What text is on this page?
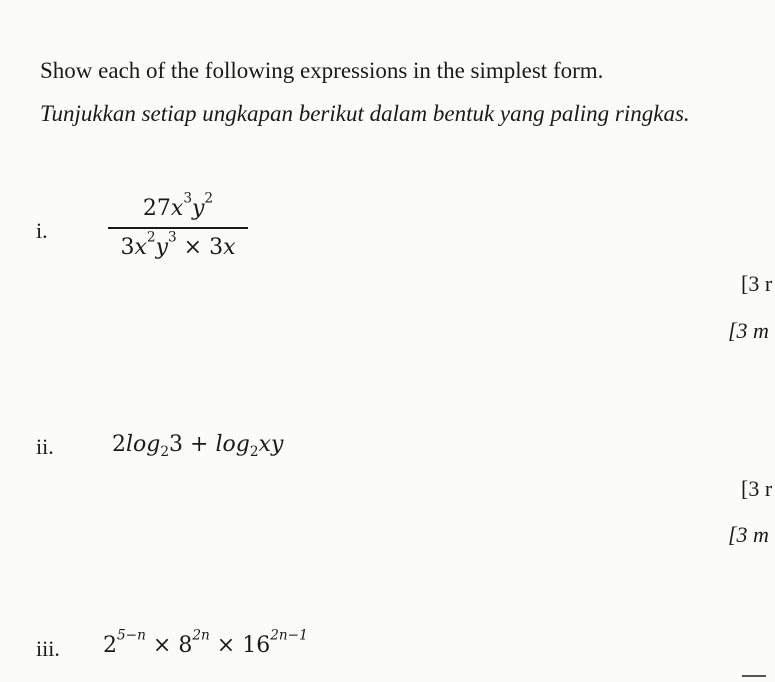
Show each of the following expressions in the simplest form.
Tunjukkan setiap ungkapan berikut dalam bentuk yang paling ringkas.
i.
$27x^3y^2$
$3x^2y^3 \times 3x$
[3 r
[3 m
ii.	$2\log_23 + \log_2xy$
[3 r
[3 m
iii. $2^{5-n} \times 8^{2n} \times 16^{2n-1}$
